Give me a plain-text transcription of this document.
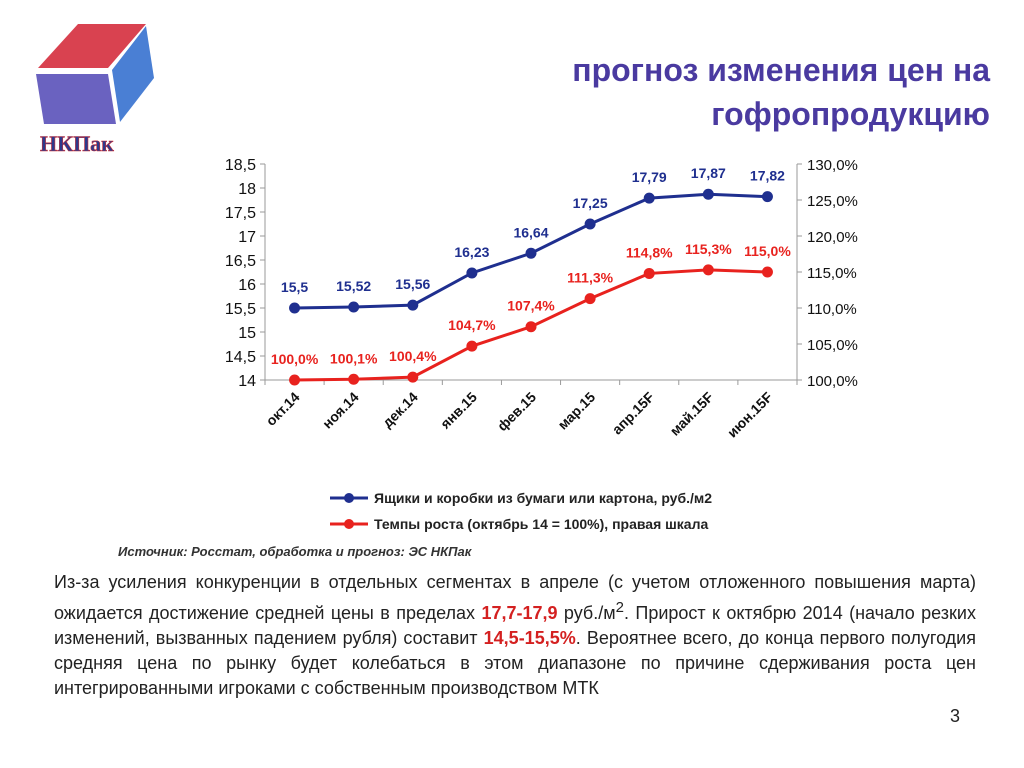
НКПак
прогноз изменения цен на
гофропродукцию
14
14,5
15
15,5
16
16,5
17
17,5
18
18,5
100,0%
105,0%
110,0%
115,0%
120,0%
125,0%
130,0%
окт.14 ноя.14 дек.14 янв.15 фев.15 мар.15 апр.15F май.15F июн.15F
15,5 15,52 15,56
16,23
16,64
17,25
17,79 17,87 17,82
100,0% 100,1% 100,4%
104,7%
107,4%
111,3%
114,8% 115,3% 115,0%
Ящики и коробки из бумаги или картона, руб./м2
Темпы роста (октябрь 14 = 100%), правая шкала
Источник: Росстат, обработка и прогноз: ЭС НКПак
Из-за усиления конкуренции в отдельных сегментах в апреле (с учетом отложенного повышения марта) ожидается достижение средней цены в пределах 17,7-17,9 $руб./м^2$. Прирост к октябрю 2014 (начало резких изменений, вызванных падением рубля) составит 14,5-15,5%. Вероятнее всего, до конца первого полугодия средняя цена по рынку будет колебаться в этом диапазоне по причине сдерживания роста цен интегрированными игроками с собственным производством МТК
3
